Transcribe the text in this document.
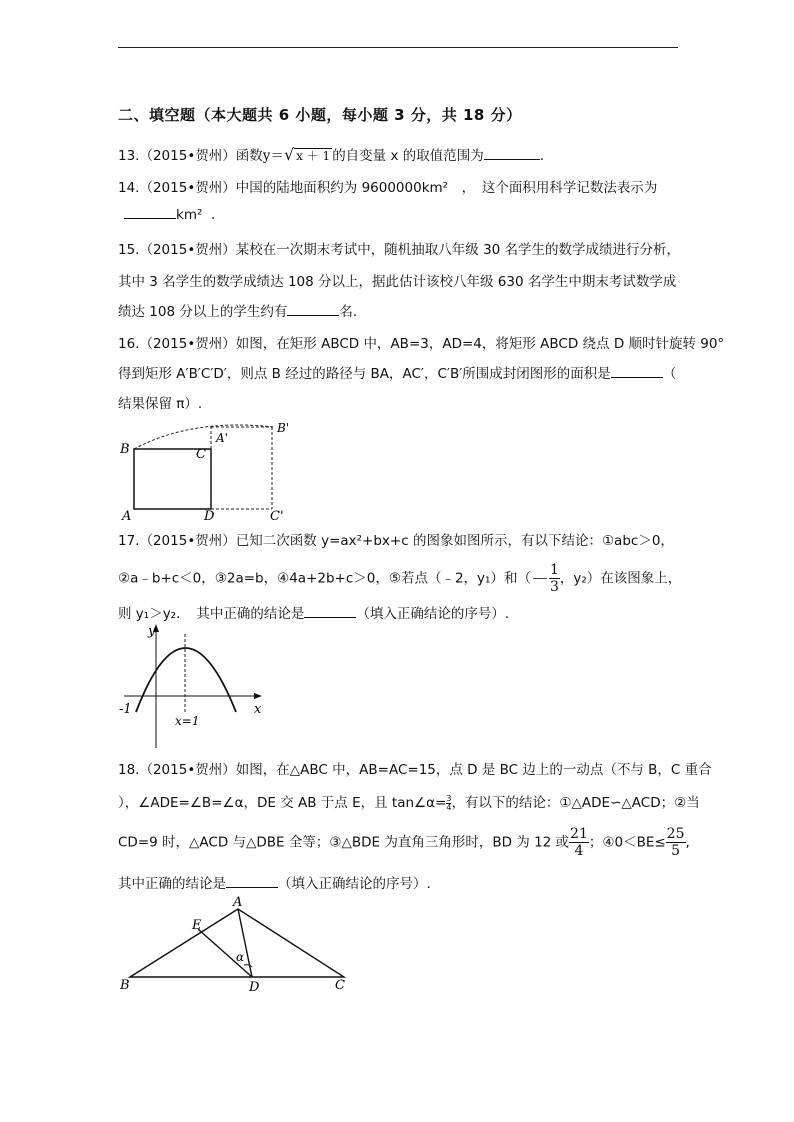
二、填空题（本大题共 6 小题，每小题 3 分，共 18 分）
13.（2015•贺州）函数y＝√ x ＋ 1 的自变量 x 的取值范围为	.
14.（2015•贺州）中国的陆地面积约为 9600000km²　，　这个面积用科学记数法表示为
km² .
15.（2015•贺州）某校在一次期末考试中，随机抽取八年级 30 名学生的数学成绩进行分析，
其中 3 名学生的数学成绩达 108 分以上，据此估计该校八年级 630 名学生中期末考试数学成
绩达 108 分以上的学生约有	名.
16.（2015•贺州）如图，在矩形 ABCD 中，AB=3，AD=4，将矩形 ABCD 绕点 D 顺时针旋转 90°
得到矩形 A′B′C′D′，则点 B 经过的路径与 BA，AC′，C′B′所围成封闭图形的面积是	（
结果保留 π）.
B	C
A'
B'
A	D	C'
17.（2015•贺州）已知二次函数 y=ax²+bx+c 的图象如图所示，有以下结论：①abc＞0，
②a﹣b+c＜0，③2a=b，④4a+2b+c＞0，⑤若点（﹣2，y₁）和（－ $\frac{1}{3}$ ，y₂）在该图象上，
则 y₁＞y₂．　其中正确的结论是	（填入正确结论的序号）.
y
x
-1
x=1
18.（2015•贺州）如图，在△ABC 中，AB=AC=15，点 D 是 BC 边上的一动点（不与 B，C 重合
），∠ADE=∠B=∠α，DE 交 AB 于点 E，且 tan∠α= $\frac{3}{4}$ ，有以下的结论：①△ADE∽△ACD；②当
CD=9 时，△ACD 与△DBE 全等；③△BDE 为直角三角形时，BD 为 12 或 $\frac{21}{4}$ ；④0＜BE≤ $\frac{25}{5}$ ,
其中正确的结论是	（填入正确结论的序号）.
A
E
α
B	D	C
